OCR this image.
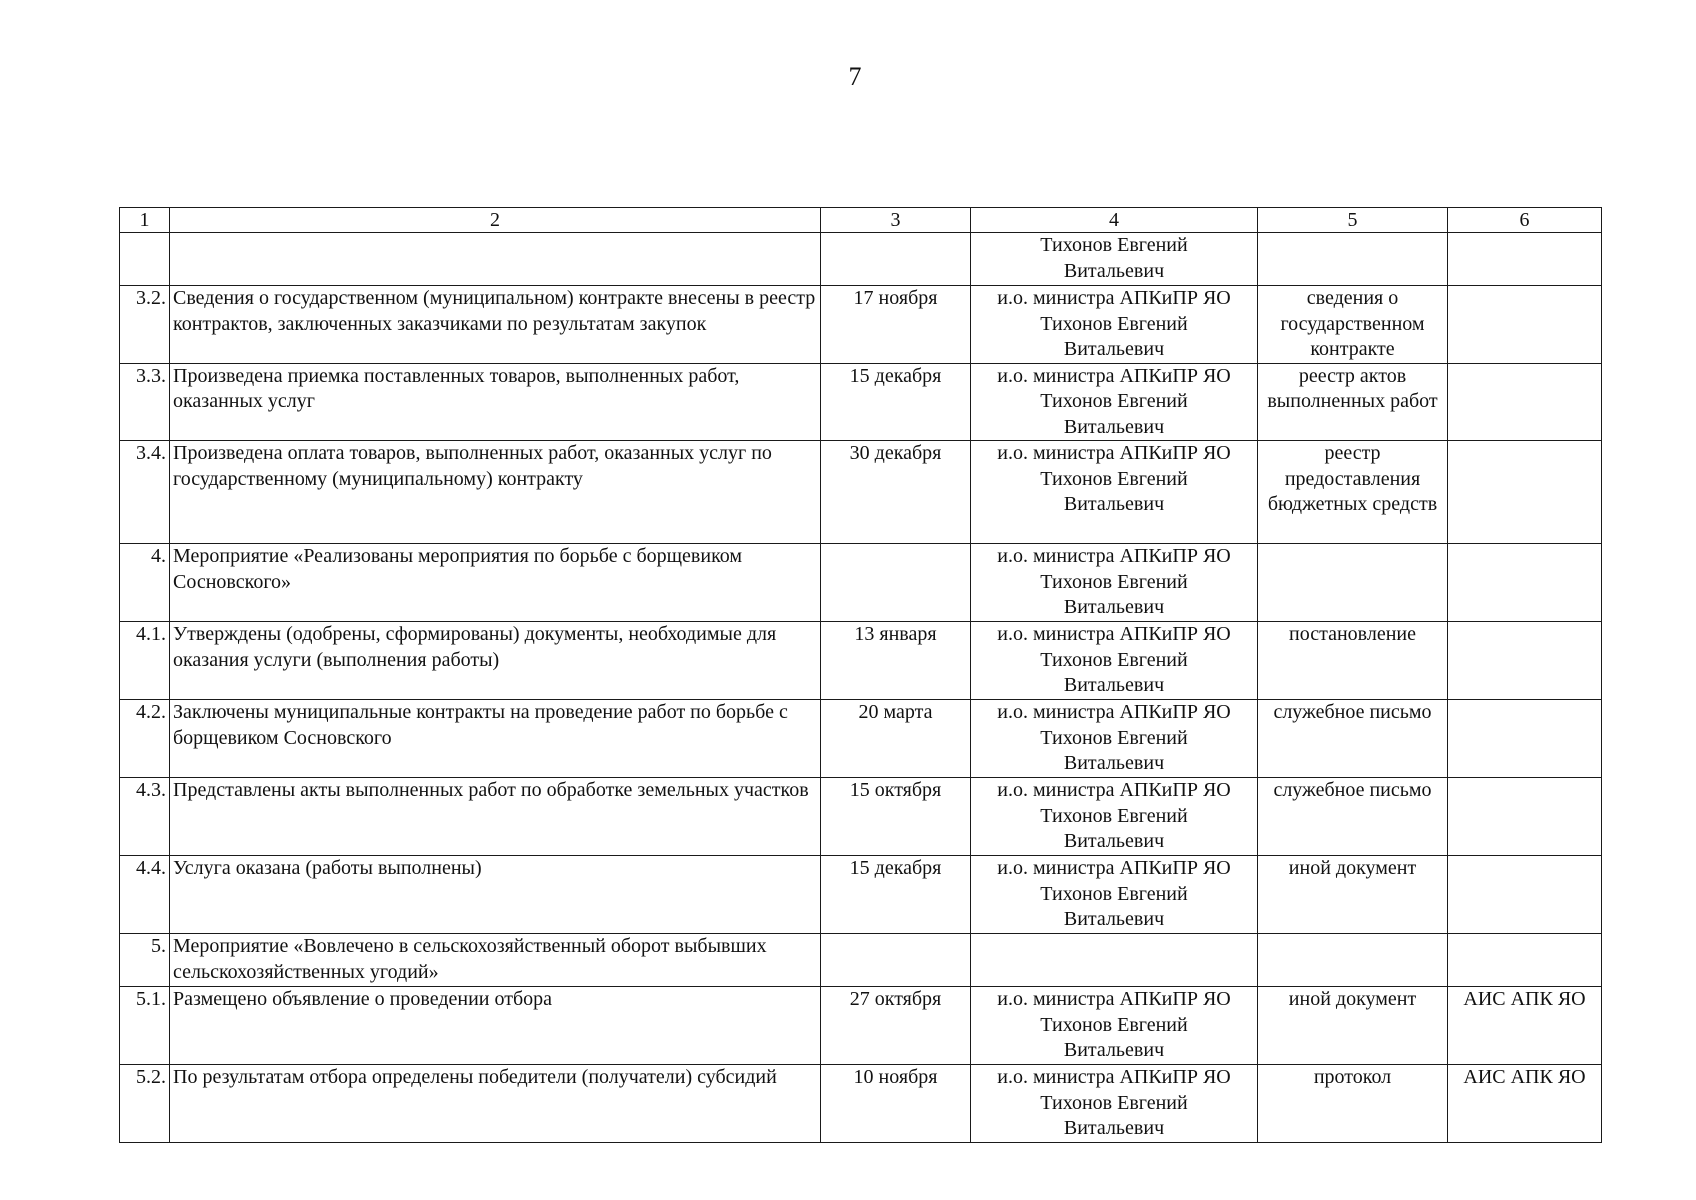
7
1	2	3	4	5	6

			Тихонов Евгений
Витальевич		

3.2.	Сведения о государственном (муниципальном) контракте внесены в реестр контрактов, заключенных заказчиками по результатам закупок	17 ноября	и.о. министра АПКиПР ЯО
Тихонов Евгений
Витальевич	сведения о государственном контракте	
3.3.	Произведена приемка поставленных товаров, выполненных работ, оказанных услуг	15 декабря	и.о. министра АПКиПР ЯО
Тихонов Евгений
Витальевич	реестр актов выполненных работ	
3.4.	Произведена оплата товаров, выполненных работ, оказанных услуг по государственному (муниципальному) контракту	30 декабря	и.о. министра АПКиПР ЯО
Тихонов Евгений
Витальевич	реестр предоставления бюджетных средств	
4.	Мероприятие «Реализованы мероприятия по борьбе с борщевиком Сосновского»		и.о. министра АПКиПР ЯО
Тихонов Евгений
Витальевич		

4.1.	Утверждены (одобрены, сформированы) документы, необходимые для оказания услуги (выполнения работы)	13 января	и.о. министра АПКиПР ЯО
Тихонов Евгений
Витальевич	постановление	
4.2.	Заключены муниципальные контракты на проведение работ по борьбе с борщевиком Сосновского	20 марта	и.о. министра АПКиПР ЯО
Тихонов Евгений
Витальевич	служебное письмо	
4.3.	Представлены акты выполненных работ по обработке земельных участков	15 октября	и.о. министра АПКиПР ЯО
Тихонов Евгений
Витальевич	служебное письмо	
4.4.	Услуга оказана (работы выполнены)	15 декабря	и.о. министра АПКиПР ЯО
Тихонов Евгений
Витальевич	иной документ	
5.	Мероприятие «Вовлечено в сельскохозяйственный оборот выбывших сельскохозяйственных угодий»				
5.1.	Размещено объявление о проведении отбора	27 октября	и.о. министра АПКиПР ЯО
Тихонов Евгений
Витальевич	иной документ	АИС АПК ЯО
5.2.	По результатам отбора определены победители (получатели) субсидий	10 ноября	и.о. министра АПКиПР ЯО
Тихонов Евгений
Витальевич	протокол	АИС АПК ЯО
